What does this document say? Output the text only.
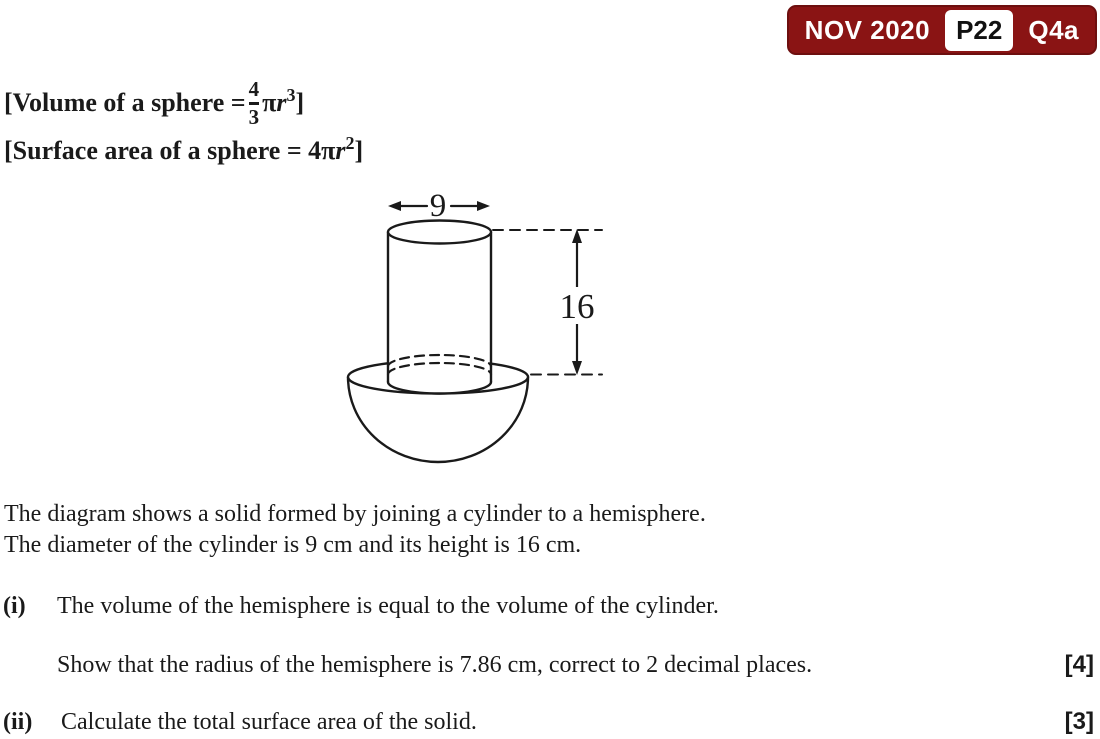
NOV 2020	P22	Q4a
[Volume of a sphere = $\frac{4}{3}$ π $r^3$ ]
[Surface area of a sphere = 4 π $r^2$ ]
9
16
The diagram shows a solid formed by joining a cylinder to a hemisphere.
The diameter of the cylinder is 9 cm and its height is 16 cm.
(i) The volume of the hemisphere is equal to the volume of the cylinder.
Show that the radius of the hemisphere is 7.86 cm, correct to 2 decimal places.	[4]
(ii) Calculate the total surface area of the solid.	[3]
